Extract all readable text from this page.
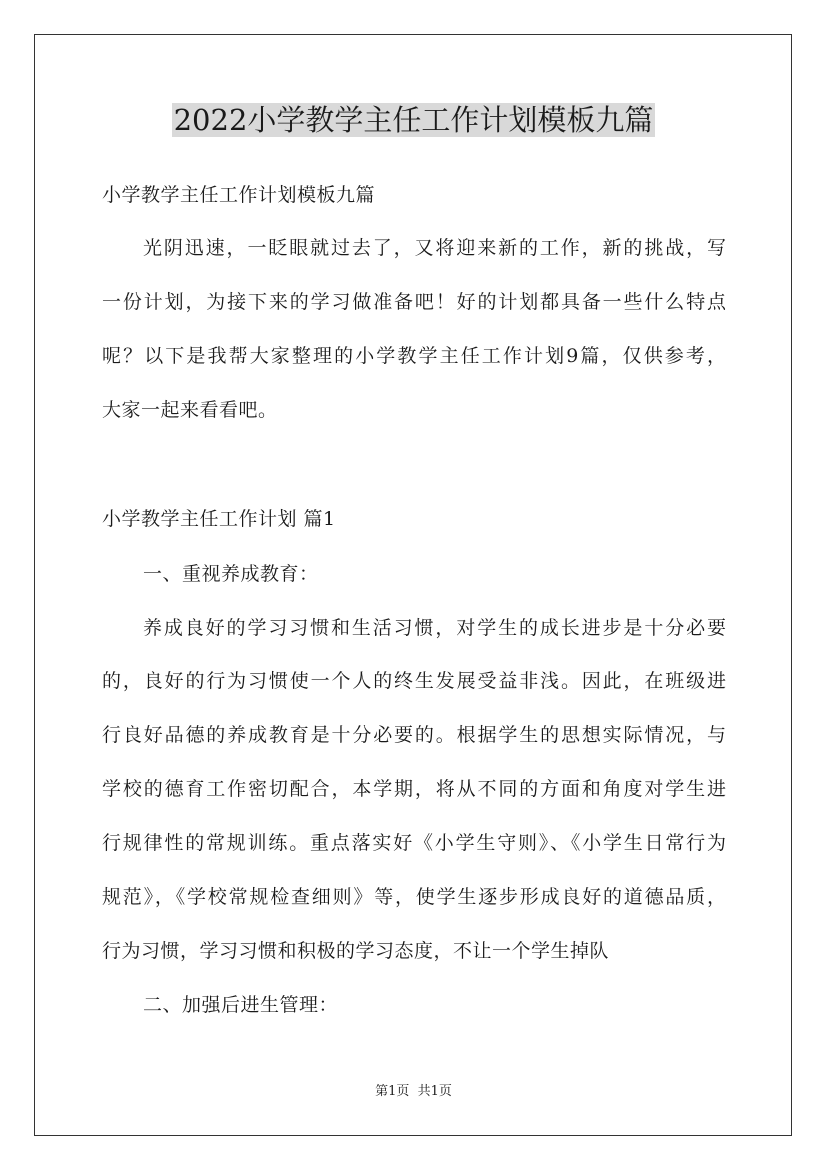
2022小学教学主任工作计划模板九篇
小学教学主任工作计划模板九篇
光阴迅速，一眨眼就过去了，又将迎来新的工作，新的挑战，写
一份计划，为接下来的学习做准备吧！好的计划都具备一些什么特点
呢？以下是我帮大家整理的小学教学主任工作计划9篇，仅供参考，
大家一起来看看吧。
小学教学主任工作计划 篇1
一、重视养成教育：
养成良好的学习习惯和生活习惯，对学生的成长进步是十分必要
的，良好的行为习惯使一个人的终生发展受益非浅。因此，在班级进
行良好品德的养成教育是十分必要的。根据学生的思想实际情况，与
学校的德育工作密切配合，本学期，将从不同的方面和角度对学生进
行规律性的常规训练。重点落实好《小学生守则》、《小学生日常行为
规范》，《学校常规检查细则》等，使学生逐步形成良好的道德品质，
行为习惯，学习习惯和积极的学习态度，不让一个学生掉队
二、加强后进生管理：
第1页  共1页
